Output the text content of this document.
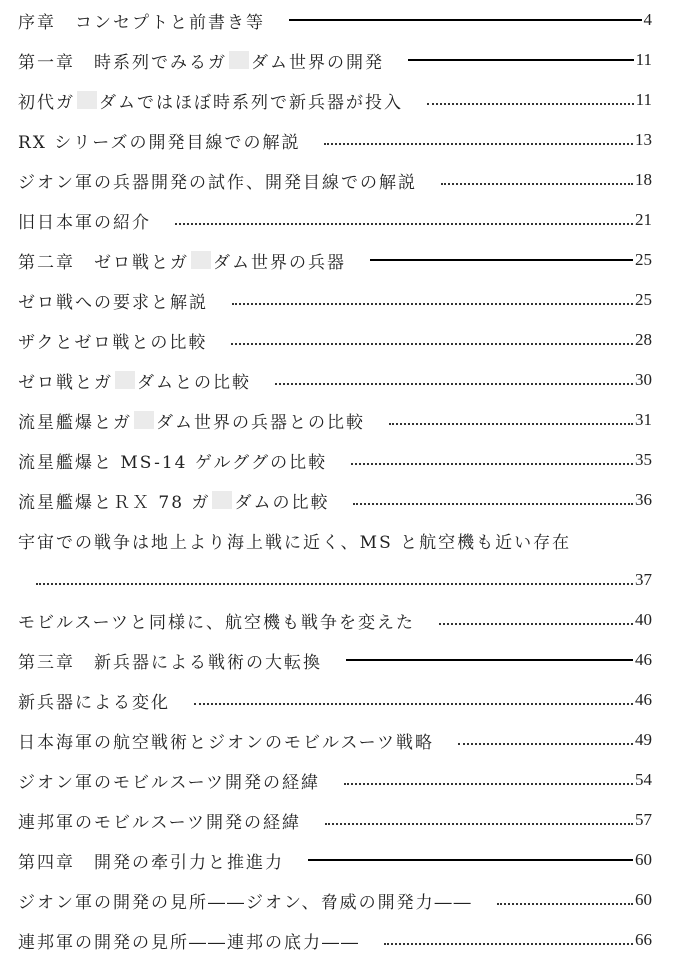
序章　コンセプトと前書き等	4
第一章　時系列でみるガ ダム世界の開発	11
初代ガ ダムではほぼ時系列で新兵器が投入	11
RX シリーズの開発目線での解説	13
ジオン軍の兵器開発の試作、開発目線での解説	18
旧日本軍の紹介	21
第二章　ゼロ戦とガ ダム世界の兵器	25
ゼロ戦への要求と解説	25
ザクとゼロ戦との比較	28
ゼロ戦とガ ダムとの比較	30
流星艦爆とガ ダム世界の兵器との比較	31
流星艦爆と MS-14 ゲルググの比較	35
流星艦爆とＲＸ 78 ガ ダムの比較	36
宇宙での戦争は地上より海上戦に近く、MS と航空機も近い存在
37
モビルスーツと同様に、航空機も戦争を変えた	40
第三章　新兵器による戦術の大転換	46
新兵器による変化	46
日本海軍の航空戦術とジオンのモビルスーツ戦略	49
ジオン軍のモビルスーツ開発の経緯	54
連邦軍のモビルスーツ開発の経緯	57
第四章　開発の牽引力と推進力	60
ジオン軍の開発の見所――ジオン、脅威の開発力――	60
連邦軍の開発の見所――連邦の底力――	66
